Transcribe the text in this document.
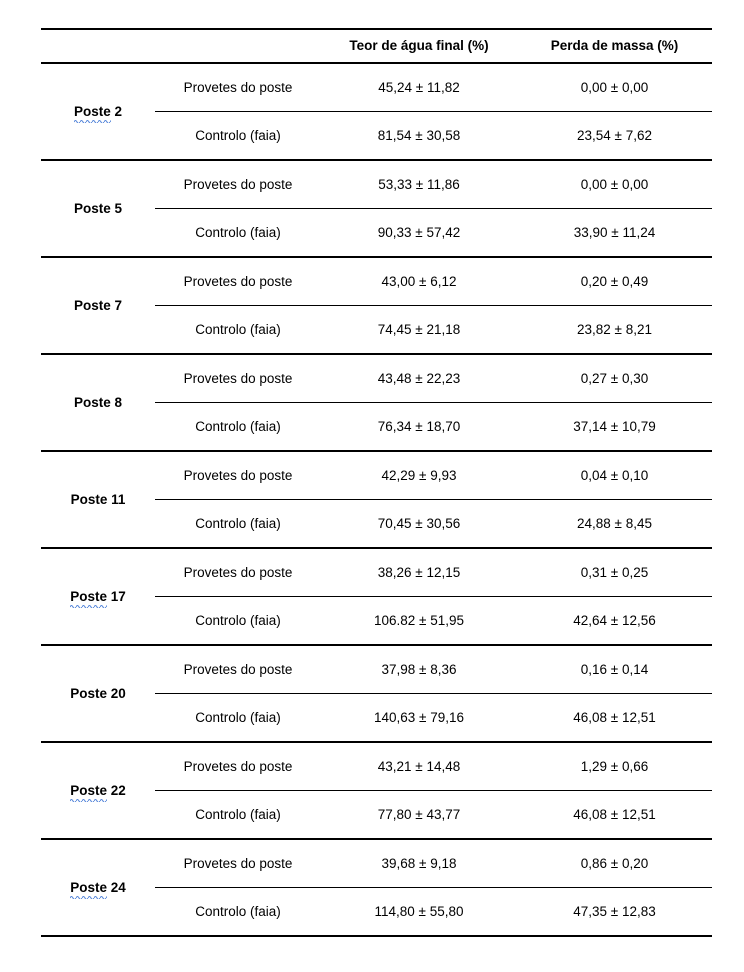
		Teor de água final (%)	Perda de massa (%)
Poste 2	Provetes do poste	45,24 ± 11,82	0,00 ± 0,00
	Controlo (faia)	81,54 ± 30,58	23,54 ± 7,62

Poste 5	Provetes do poste	53,33 ± 11,86	0,00 ± 0,00
	Controlo (faia)	90,33 ± 57,42	33,90 ± 11,24

Poste 7	Provetes do poste	43,00 ± 6,12	0,20 ± 0,49
	Controlo (faia)	74,45 ± 21,18	23,82 ± 8,21

Poste 8	Provetes do poste	43,48 ± 22,23	0,27 ± 0,30
	Controlo (faia)	76,34 ± 18,70	37,14 ± 10,79

Poste 11	Provetes do poste	42,29 ± 9,93	0,04 ± 0,10
	Controlo (faia)	70,45 ± 30,56	24,88 ± 8,45

Poste 17	Provetes do poste	38,26 ± 12,15	0,31 ± 0,25
	Controlo (faia)	106.82 ± 51,95	42,64 ± 12,56

Poste 20	Provetes do poste	37,98 ± 8,36	0,16 ± 0,14
	Controlo (faia)	140,63 ± 79,16	46,08 ± 12,51

Poste 22	Provetes do poste	43,21 ± 14,48	1,29 ± 0,66
	Controlo (faia)	77,80 ± 43,77	46,08 ± 12,51

Poste 24	Provetes do poste	39,68 ± 9,18	0,86 ± 0,20
	Controlo (faia)	114,80 ± 55,80	47,35 ± 12,83
